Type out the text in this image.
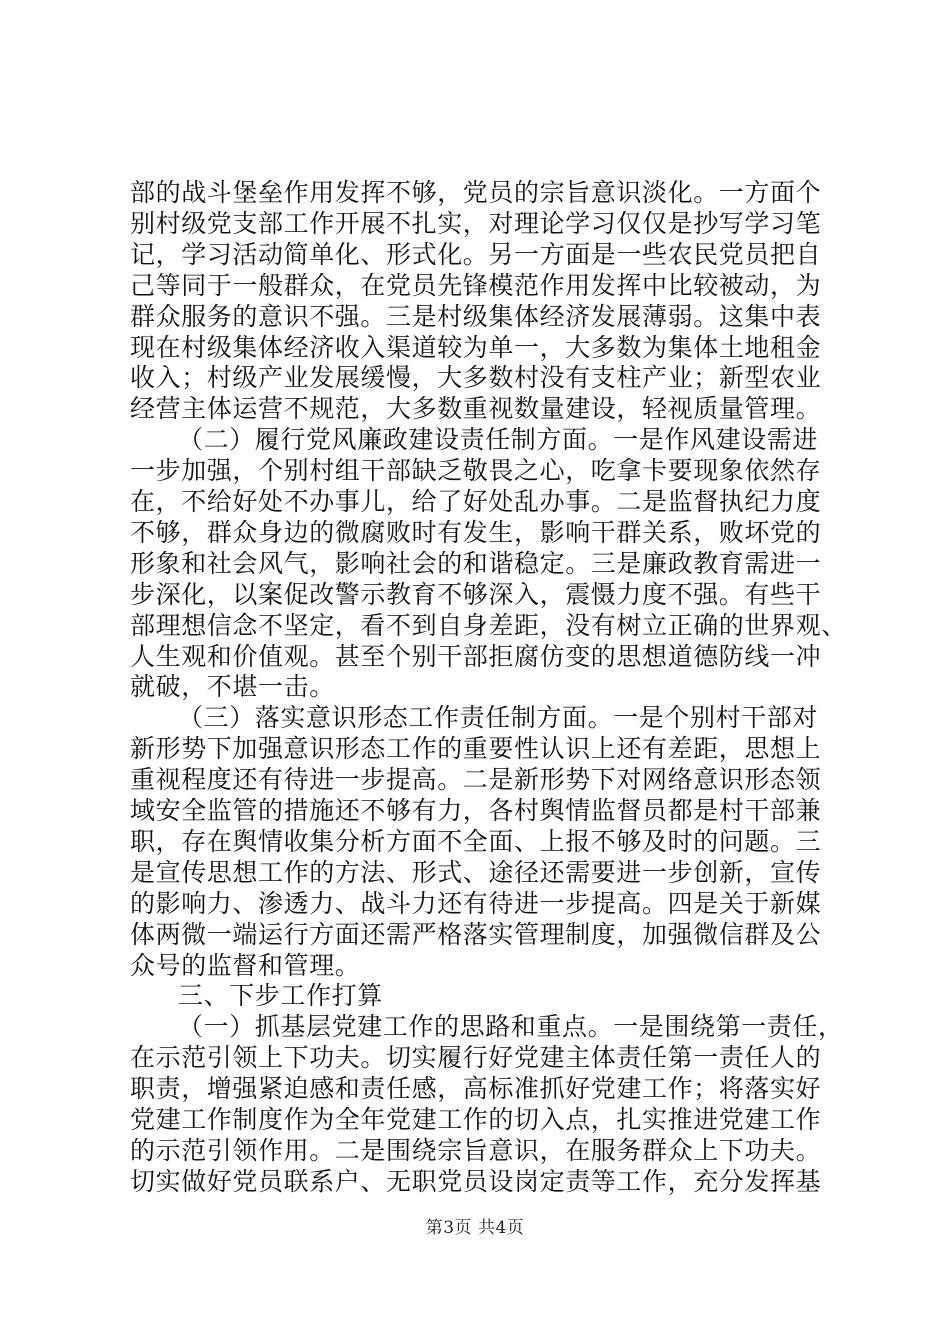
部的战斗堡垒作用发挥不够，党员的宗旨意识淡化。一方面个
别村级党支部工作开展不扎实，对理论学习仅仅是抄写学习笔
记，学习活动简单化、形式化。另一方面是一些农民党员把自
己等同于一般群众，在党员先锋模范作用发挥中比较被动，为
群众服务的意识不强。三是村级集体经济发展薄弱。这集中表
现在村级集体经济收入渠道较为单一，大多数为集体土地租金
收入；村级产业发展缓慢，大多数村没有支柱产业；新型农业
经营主体运营不规范，大多数重视数量建设，轻视质量管理。
（二）履行党风廉政建设责任制方面。一是作风建设需进
一步加强，个别村组干部缺乏敬畏之心，吃拿卡要现象依然存
在，不给好处不办事儿，给了好处乱办事。二是监督执纪力度
不够，群众身边的微腐败时有发生，影响干群关系，败坏党的
形象和社会风气，影响社会的和谐稳定。三是廉政教育需进一
步深化，以案促改警示教育不够深入，震慑力度不强。有些干
部理想信念不坚定，看不到自身差距，没有树立正确的世界观、
人生观和价值观。甚至个别干部拒腐仿变的思想道德防线一冲
就破，不堪一击。
（三）落实意识形态工作责任制方面。一是个别村干部对
新形势下加强意识形态工作的重要性认识上还有差距，思想上
重视程度还有待进一步提高。二是新形势下对网络意识形态领
域安全监管的措施还不够有力，各村舆情监督员都是村干部兼
职，存在舆情收集分析方面不全面、上报不够及时的问题。三
是宣传思想工作的方法、形式、途径还需要进一步创新，宣传
的影响力、渗透力、战斗力还有待进一步提高。四是关于新媒
体两微一端运行方面还需严格落实管理制度，加强微信群及公
众号的监督和管理。
三、下步工作打算
（一）抓基层党建工作的思路和重点。一是围绕第一责任，
在示范引领上下功夫。切实履行好党建主体责任第一责任人的
职责，增强紧迫感和责任感，高标准抓好党建工作；将落实好
党建工作制度作为全年党建工作的切入点，扎实推进党建工作
的示范引领作用。二是围绕宗旨意识，在服务群众上下功夫。
切实做好党员联系户、无职党员设岗定责等工作，充分发挥基
第3页 共4页
